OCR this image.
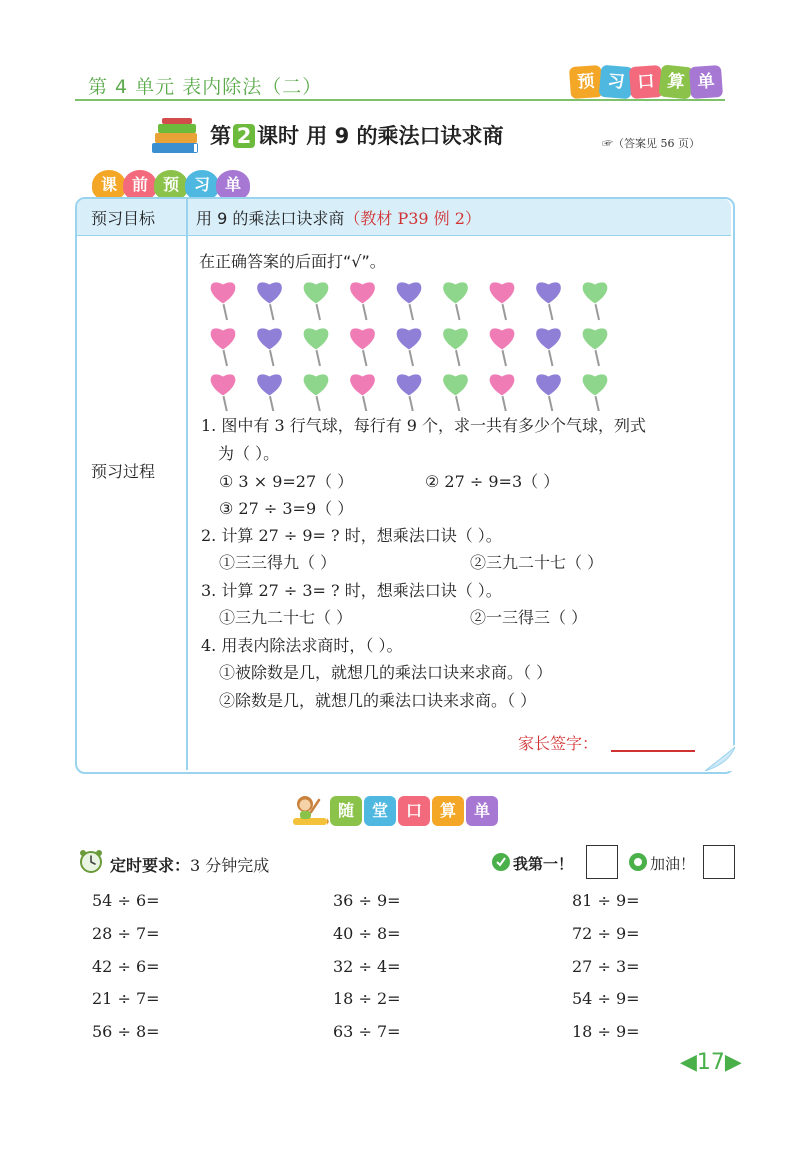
第 4 单元 表内除法（二）	预 习 口 算 单
第 2 课时 用 9 的乘法口诀求商	☞（答案见 56 页）
课 前 预 习 单
预习目标	用 9 的乘法口诀求商（教材 P39 例 2）
预习过程
在正确答案的后面打“√”。
1. 图中有 3 行气球，每行有 9 个，求一共有多少个气球，列式
为（ ）。
① 3 × 9=27（ ）	② 27 ÷ 9=3（ ）
③ 27 ÷ 3=9（ ）
2. 计算 27 ÷ 9= ? 时，想乘法口诀（ ）。
①三三得九（ ）	②三九二十七（ ）
3. 计算 27 ÷ 3= ? 时，想乘法口诀（ ）。
①三九二十七（ ）	②一三得三（ ）
4. 用表内除法求商时，（ ）。
①被除数是几，就想几的乘法口诀来求商。（ ）
②除数是几，就想几的乘法口诀来求商。（ ）
家长签字：
随	堂	口	算	单
定时要求：3 分钟完成	我第一！	加油！
54 ÷ 6=	36 ÷ 9=	81 ÷ 9=
28 ÷ 7=	40 ÷ 8=	72 ÷ 9=
42 ÷ 6=	32 ÷ 4=	27 ÷ 3=
21 ÷ 7=	18 ÷ 2=	54 ÷ 9=
56 ÷ 8=	63 ÷ 7=	18 ÷ 9=
◀17▶
